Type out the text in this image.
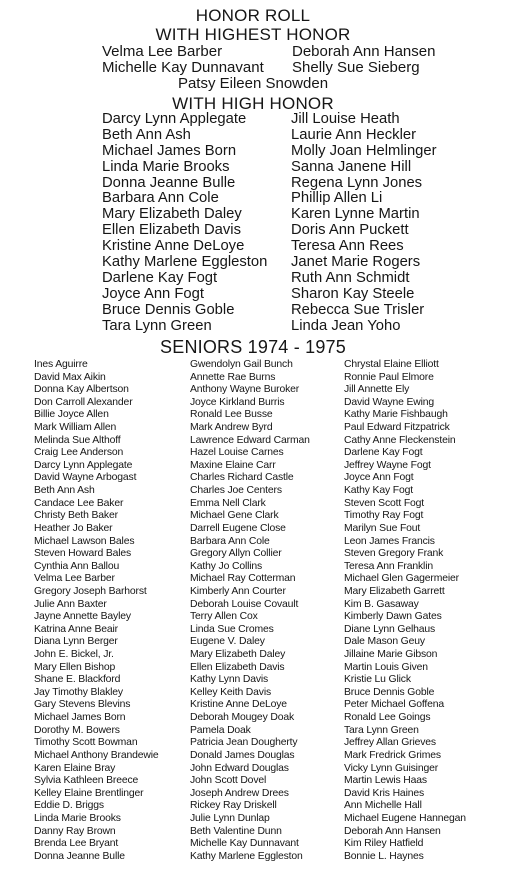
HONOR ROLL
WITH HIGHEST HONOR
Velma Lee Barber
Michelle Kay Dunnavant
Deborah Ann Hansen
Shelly Sue Sieberg
Patsy Eileen Snowden
WITH HIGH HONOR
Darcy Lynn Applegate
Beth Ann Ash
Michael James Born
Linda Marie Brooks
Donna Jeanne Bulle
Barbara Ann Cole
Mary Elizabeth Daley
Ellen Elizabeth Davis
Kristine Anne DeLoye
Kathy Marlene Eggleston
Darlene Kay Fogt
Joyce Ann Fogt
Bruce Dennis Goble
Tara Lynn Green
Jill Louise Heath
Laurie Ann Heckler
Molly Joan Helmlinger
Sanna Janene Hill
Regena Lynn Jones
Phillip Allen Li
Karen Lynne Martin
Doris Ann Puckett
Teresa Ann Rees
Janet Marie Rogers
Ruth Ann Schmidt
Sharon Kay Steele
Rebecca Sue Trisler
Linda Jean Yoho
SENIORS 1974 - 1975
Ines Aguirre
David Max Aikin
Donna Kay Albertson
Don Carroll Alexander
Billie Joyce Allen
Mark William Allen
Melinda Sue Althoff
Craig Lee Anderson
Darcy Lynn Applegate
David Wayne Arbogast
Beth Ann Ash
Candace Lee Baker
Christy Beth Baker
Heather Jo Baker
Michael Lawson Bales
Steven Howard Bales
Cynthia Ann Ballou
Velma Lee Barber
Gregory Joseph Barhorst
Julie Ann Baxter
Jayne Annette Bayley
Katrina Anne Beair
Diana Lynn Berger
John E. Bickel, Jr.
Mary Ellen Bishop
Shane E. Blackford
Jay Timothy Blakley
Gary Stevens Blevins
Michael James Born
Dorothy M. Bowers
Timothy Scott Bowman
Michael Anthony Brandewie
Karen Elaine Bray
Sylvia Kathleen Breece
Kelley Elaine Brentlinger
Eddie D. Briggs
Linda Marie Brooks
Danny Ray Brown
Brenda Lee Bryant
Donna Jeanne Bulle
Gwendolyn Gail Bunch
Annette Rae Burns
Anthony Wayne Buroker
Joyce Kirkland Burris
Ronald Lee Busse
Mark Andrew Byrd
Lawrence Edward Carman
Hazel Louise Carnes
Maxine Elaine Carr
Charles Richard Castle
Charles Joe Centers
Emma Nell Clark
Michael Gene Clark
Darrell Eugene Close
Barbara Ann Cole
Gregory Allyn Collier
Kathy Jo Collins
Michael Ray Cotterman
Kimberly Ann Courter
Deborah Louise Covault
Terry Allen Cox
Linda Sue Cromes
Eugene V. Daley
Mary Elizabeth Daley
Ellen Elizabeth Davis
Kathy Lynn Davis
Kelley Keith Davis
Kristine Anne DeLoye
Deborah Mougey Doak
Pamela Doak
Patricia Jean Dougherty
Donald James Douglas
John Edward Douglas
John Scott Dovel
Joseph Andrew Drees
Rickey Ray Driskell
Julie Lynn Dunlap
Beth Valentine Dunn
Michelle Kay Dunnavant
Kathy Marlene Eggleston
Chrystal Elaine Elliott
Ronnie Paul Elmore
Jill Annette Ely
David Wayne Ewing
Kathy Marie Fishbaugh
Paul Edward Fitzpatrick
Cathy Anne Fleckenstein
Darlene Kay Fogt
Jeffrey Wayne Fogt
Joyce Ann Fogt
Kathy Kay Fogt
Steven Scott Fogt
Timothy Ray Fogt
Marilyn Sue Fout
Leon James Francis
Steven Gregory Frank
Teresa Ann Franklin
Michael Glen Gagermeier
Mary Elizabeth Garrett
Kim B. Gasaway
Kimberly Dawn Gates
Diane Lynn Gelhaus
Dale Mason Geuy
Jillaine Marie Gibson
Martin Louis Given
Kristie Lu Glick
Bruce Dennis Goble
Peter Michael Goffena
Ronald Lee Goings
Tara Lynn Green
Jeffrey Allan Grieves
Mark Fredrick Grimes
Vicky Lynn Guisinger
Martin Lewis Haas
David Kris Haines
Ann Michelle Hall
Michael Eugene Hannegan
Deborah Ann Hansen
Kim Riley Hatfield
Bonnie L. Haynes
